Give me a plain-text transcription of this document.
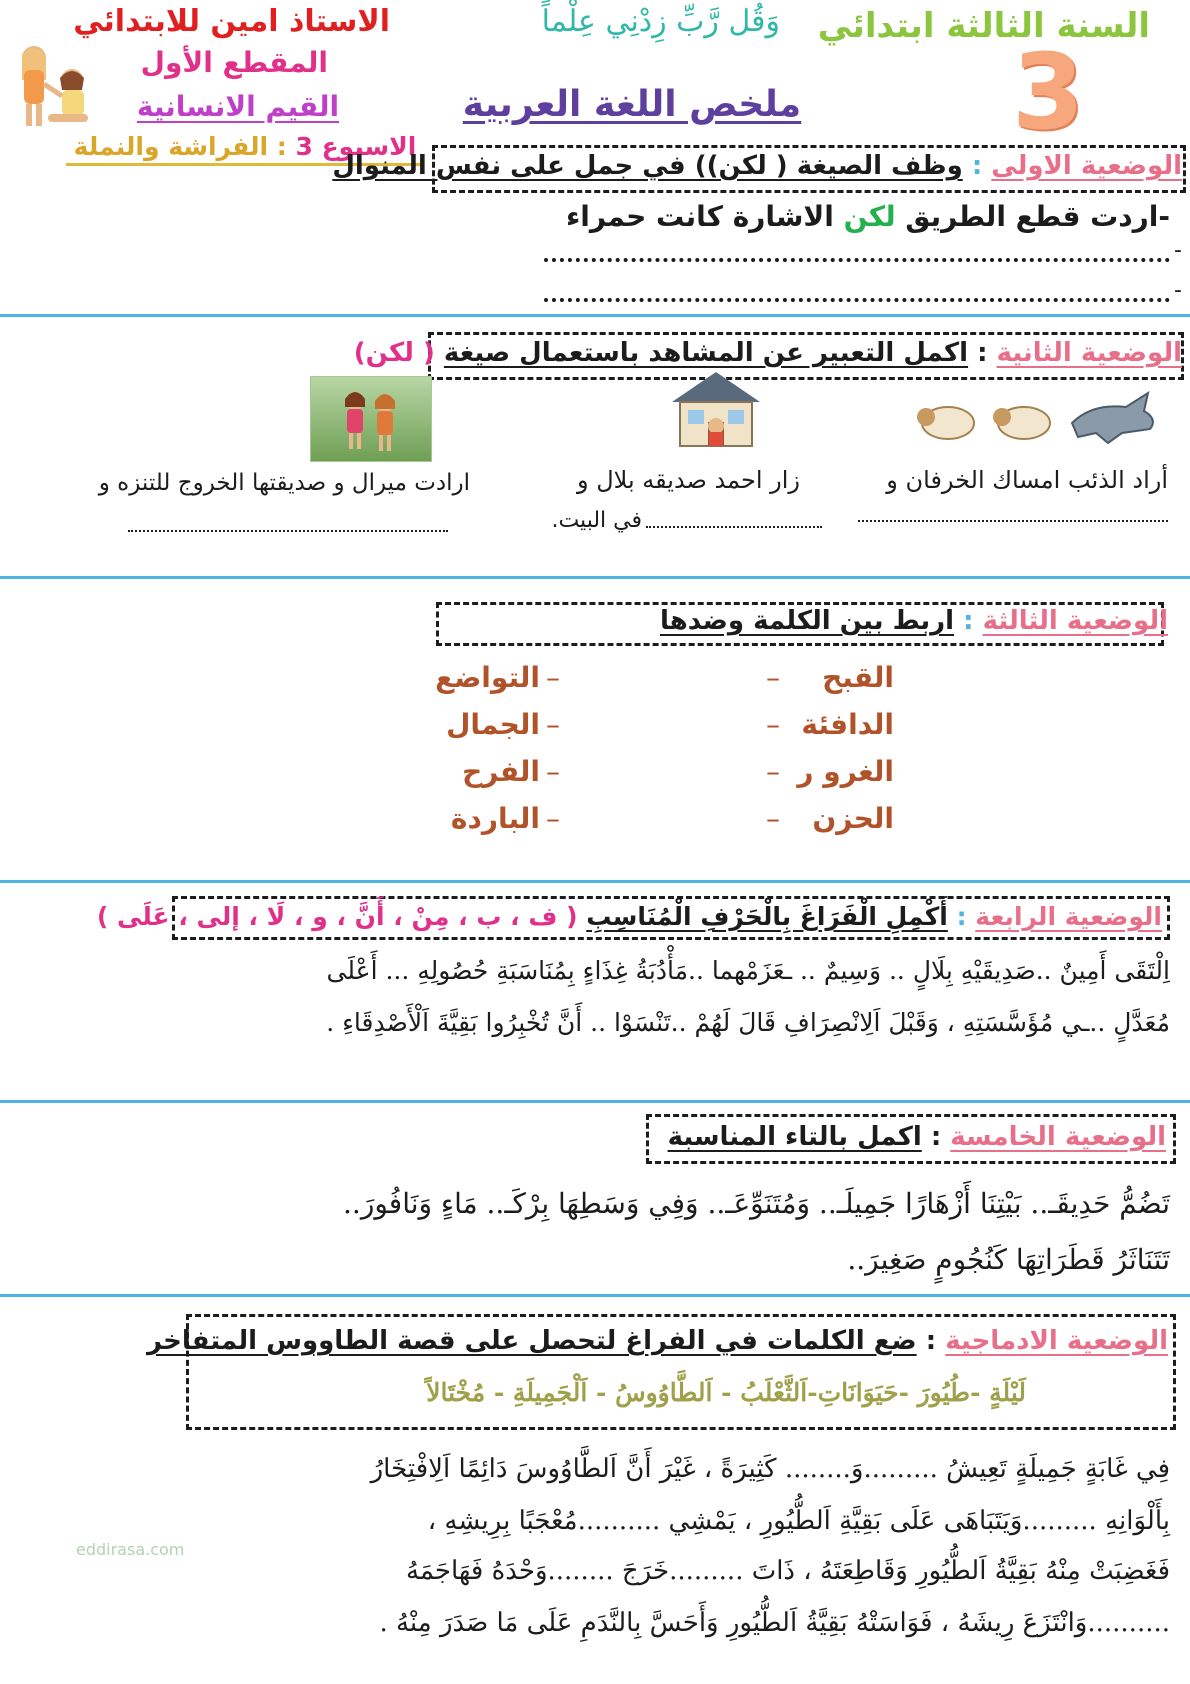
السنة الثالثة ابتدائي
3
وَقُل رَّبِّ زِدْنِي عِلْماً
ملخص اللغة العربية
الاستاذ امين للابتدائي
المقطع الأول
القيم الانسانية
الاسبوع 3 : الفراشة والنملة
الوضعية الاولى : وظف الصيغة ( لكن)) في جمل على نفس المنوال
-اردت قطع الطريق لكن الاشارة كانت حمراء
-
-
الوضعية الثانية : اكمل التعبير عن المشاهد باستعمال صيغة ( لكن)
أراد الذئب امساك الخرفان و
زار احمد صديقه بلال و
في البيت.
ارادت ميرال و صديقتها الخروج للتنزه و
الوضعية الثالثة : اربط بين الكلمة وضدها
القبح
الدافئة
الغرو ر
الحزن
–
–
–
–
–
–
–
–
التواضع
الجمال
الفرح
الباردة
الوضعية الرابعة : أَكْمِلِ الْفَرَاغَ بِالْحَرْفِ الْمُنَاسِبِ ( ف ، ب ، مِنْ ، أَنَّ ، و ، لَا ، إلى ، عَلَى )
اِلْتَقَى أَمِينٌ ..صَدِيقَيْهِ بِلَالٍ .. وَسِيمٌ .. ـعَزَمْهما ..مَأْدُبَةُ غِذَاءٍ بِمُنَاسَبَةِ حُصُولِهِ ... أَعْلَى
مُعَدَّلٍ ..ـي مُؤَسَّسَتِهِ ، وَقَبْلَ اَلِانْصِرَافِ قَالَ لَهُمْ ..تَنْسَوْا .. أَنَّ تُخْبِرُوا بَقِيَّةَ اَلْأَصْدِقَاءِ .
الوضعية الخامسة : اكمل بالتاء المناسبة
تَضُمُّ حَدِيقَـ.. بَيْتِنَا أَزْهَارًا جَمِيلَـ.. وَمُتَنَوِّعَـ.. وَفِي وَسَطِهَا بِرْكَـ.. مَاءٍ وَنَافُورَ..
تَتَنَاثَرُ قَطَرَاتِهَا كَنُجُومٍ صَغِيرَ..
الوضعية الادماجية : ضع الكلمات في الفراغ لتحصل على قصة الطاووس المتفاخر
لَيْلَةٍ -طُيُورَ -حَيَوَانَاتِ-اَلثَّعْلَبُ - اَلطَّاوُوسُ - اَلْجَمِيلَةِ - مُخْتَالاً
eddirasa.com
فِي غَابَةٍ جَمِيلَةٍ تَعِيشُ .........وَ........ كَثِيرَةً ، غَيْرَ أَنَّ اَلطَّاوُوسَ دَائِمًا اَلِافْتِخَارُ
بِأَلْوَانِهِ .........وَيَتَبَاهَى عَلَى بَقِيَّةِ اَلطُّيُورِ ، يَمْشِي ..........مُعْجَبًا بِرِيشِهِ ،
فَغَضِبَتْ مِنْهُ بَقِيَّةُ اَلطُّيُورِ وَقَاطِعَتَهُ ، ذَاتَ .........خَرَجَ ........وَحْدَهُ فَهَاجَمَهُ
..........وَانْتَزَعَ رِيشَهُ ، فَوَاسَتْهُ بَقِيَّةُ اَلطُّيُورِ وَأَحَسَّ بِالنَّدَمِ عَلَى مَا صَدَرَ مِنْهُ .
